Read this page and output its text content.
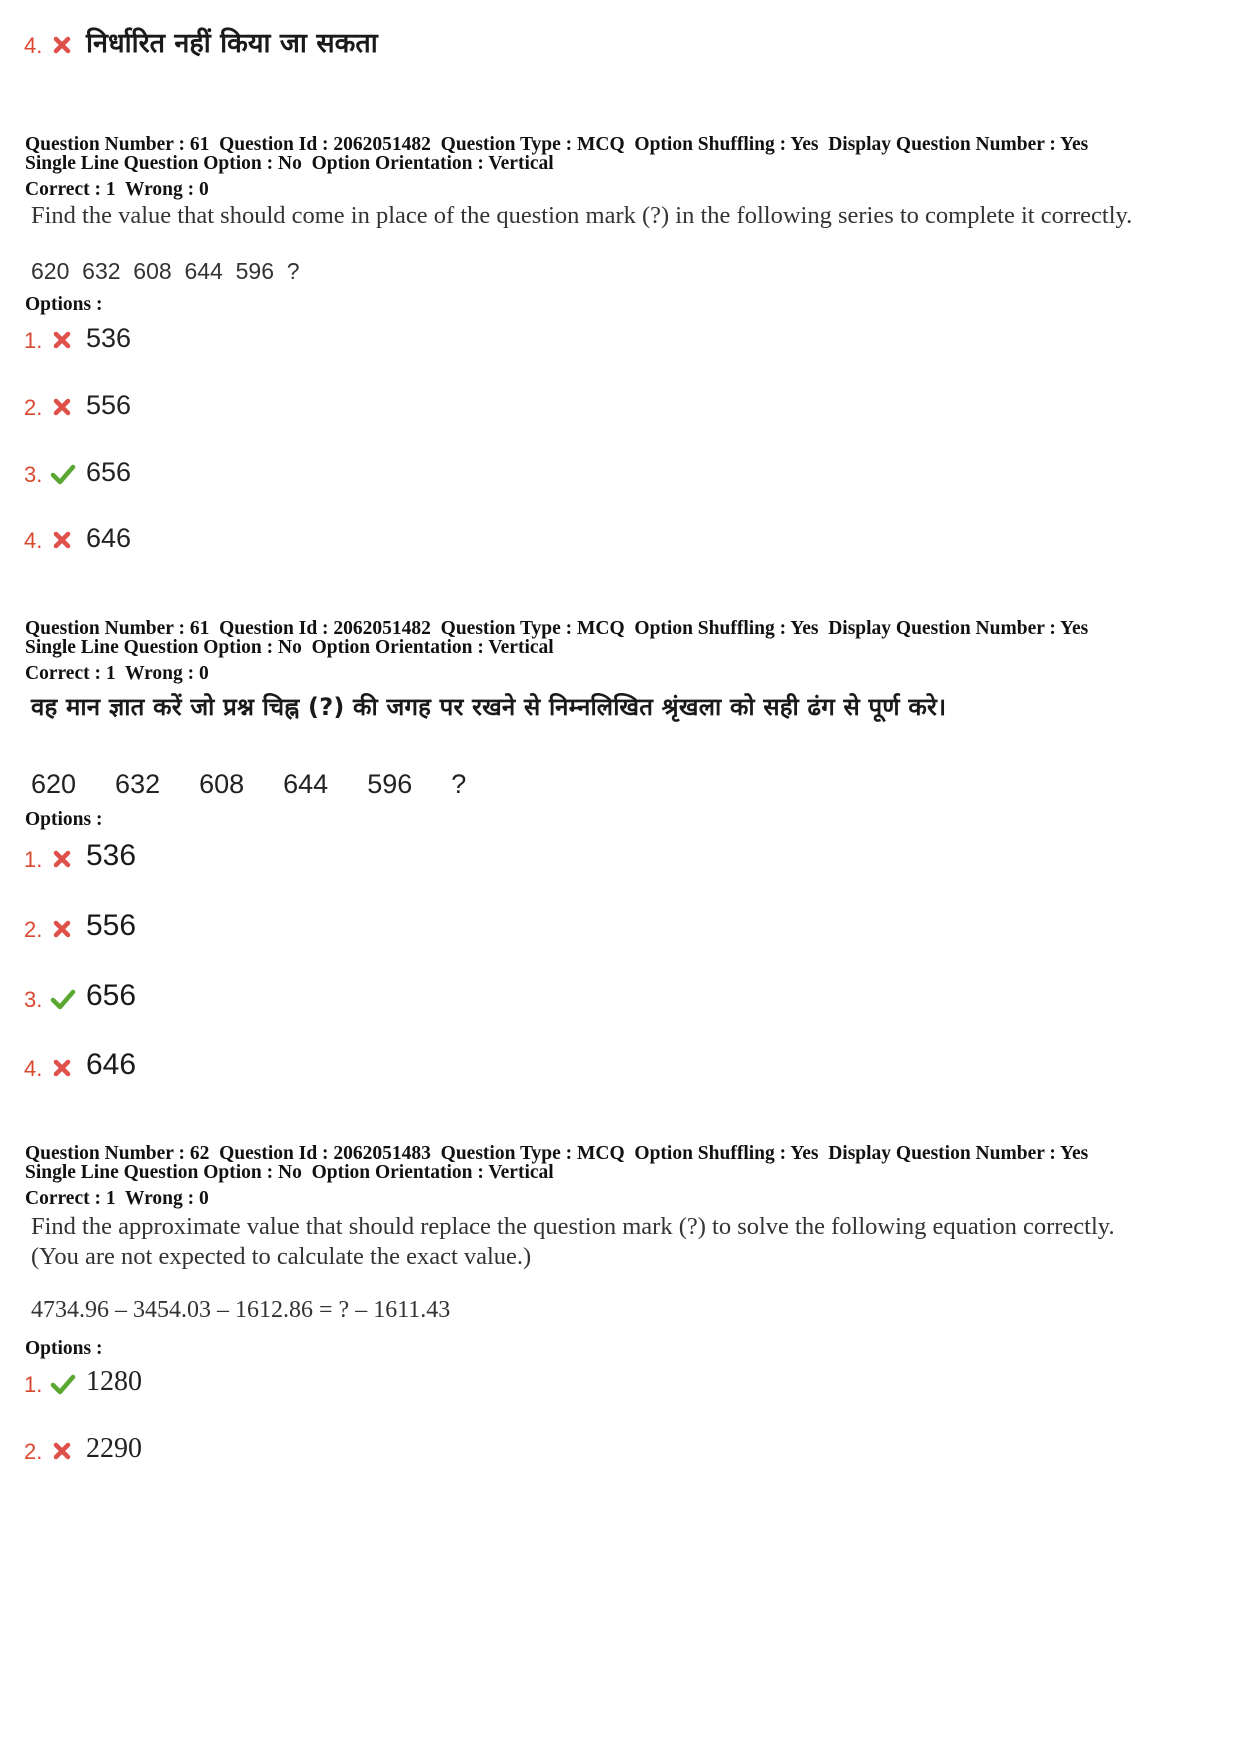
4. निर्धारित नहीं किया जा सकता
Question Number : 61  Question Id : 2062051482  Question Type : MCQ  Option Shuffling : Yes  Display Question Number : Yes
Single Line Question Option : No  Option Orientation : Vertical
Correct : 1  Wrong : 0
Find the value that should come in place of the question mark (?) in the following series to complete it correctly.
620  632  608  644  596  ?
Options :
1. 536
2. 556
3. 656
4. 646
Question Number : 61  Question Id : 2062051482  Question Type : MCQ  Option Shuffling : Yes  Display Question Number : Yes
Single Line Question Option : No  Option Orientation : Vertical
Correct : 1  Wrong : 0
वह मान ज्ञात करें जो प्रश्न चिह्न (?) की जगह पर रखने से निम्नलिखित श्रृंखला को सही ढंग से पूर्ण करे।
620  632  608  644  596  ?
Options :
1. 536
2. 556
3. 656
4. 646
Question Number : 62  Question Id : 2062051483  Question Type : MCQ  Option Shuffling : Yes  Display Question Number : Yes
Single Line Question Option : No  Option Orientation : Vertical
Correct : 1  Wrong : 0
Find the approximate value that should replace the question mark (?) to solve the following equation correctly.
(You are not expected to calculate the exact value.)
4734.96 – 3454.03 – 1612.86 = ? – 1611.43
Options :
1. 1280
2. 2290
